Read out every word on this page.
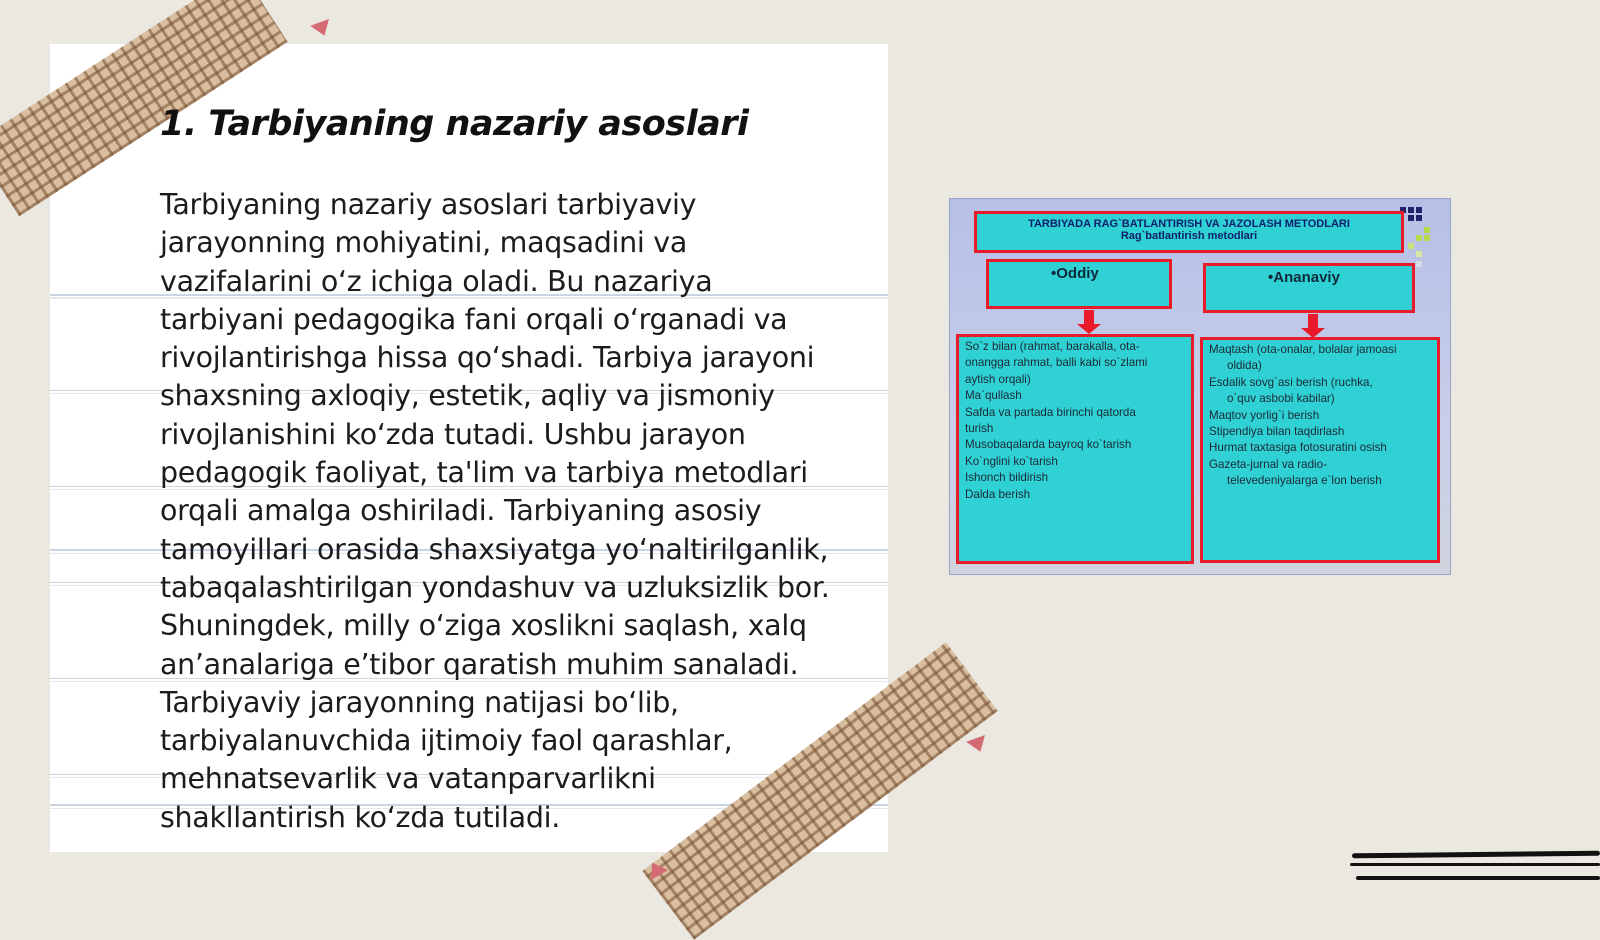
1. Tarbiyaning nazariy asoslari

Tarbiyaning nazariy asoslari tarbiyaviy jarayonning mohiyatini, maqsadini va vazifalarini o‘z ichiga oladi. Bu nazariya tarbiyani pedagogika fani orqali o‘rganadi va rivojlantirishga hissa qo‘shadi. Tarbiya jarayoni shaxsning axloqiy, estetik, aqliy va jismoniy rivojlanishini ko‘zda tutadi. Ushbu jarayon pedagogik faoliyat, ta'lim va tarbiya metodlari orqali amalga oshiriladi. Tarbiyaning asosiy tamoyillari orasida shaxsiyatga yo‘naltirilganlik, tabaqalashtirilgan yondashuv va uzluksizlik bor. Shuningdek, milly o‘ziga xoslikni saqlash, xalq an’analariga e’tibor qaratish muhim sanaladi. Tarbiyaviy jarayonning natijasi bo‘lib, tarbiyalanuvchida ijtimoiy faol qarashlar, mehnatsevarlik va vatanparvarlikni shakllantirish ko‘zda tutiladi.

TARBIYADA RAG`BATLANTIRISH VA JAZOLASH METODLARI
Rag`batlantirish metodlari
•Oddiy	•Ananaviy
So`z bilan (rahmat, barakalla, ota-
onangga rahmat, balli kabi so`zlami
aytish orqali)
Ma`qullash
Safda va partada birinchi qatorda
turish
Musobaqalarda bayroq ko`tarish
Ko`nglini ko`tarish
Ishonch bildirish
Dalda berish
Maqtash (ota-onalar, bolalar jamoasi
oldida)
Esdalik sovg`asi berish (ruchka,
o`quv asbobi kabilar)
Maqtov yorlig`i berish
Stipendiya bilan taqdirlash
Hurmat taxtasiga fotosuratini osish
Gazeta-jurnal va radio-
televedeniyalarga e`lon berish
